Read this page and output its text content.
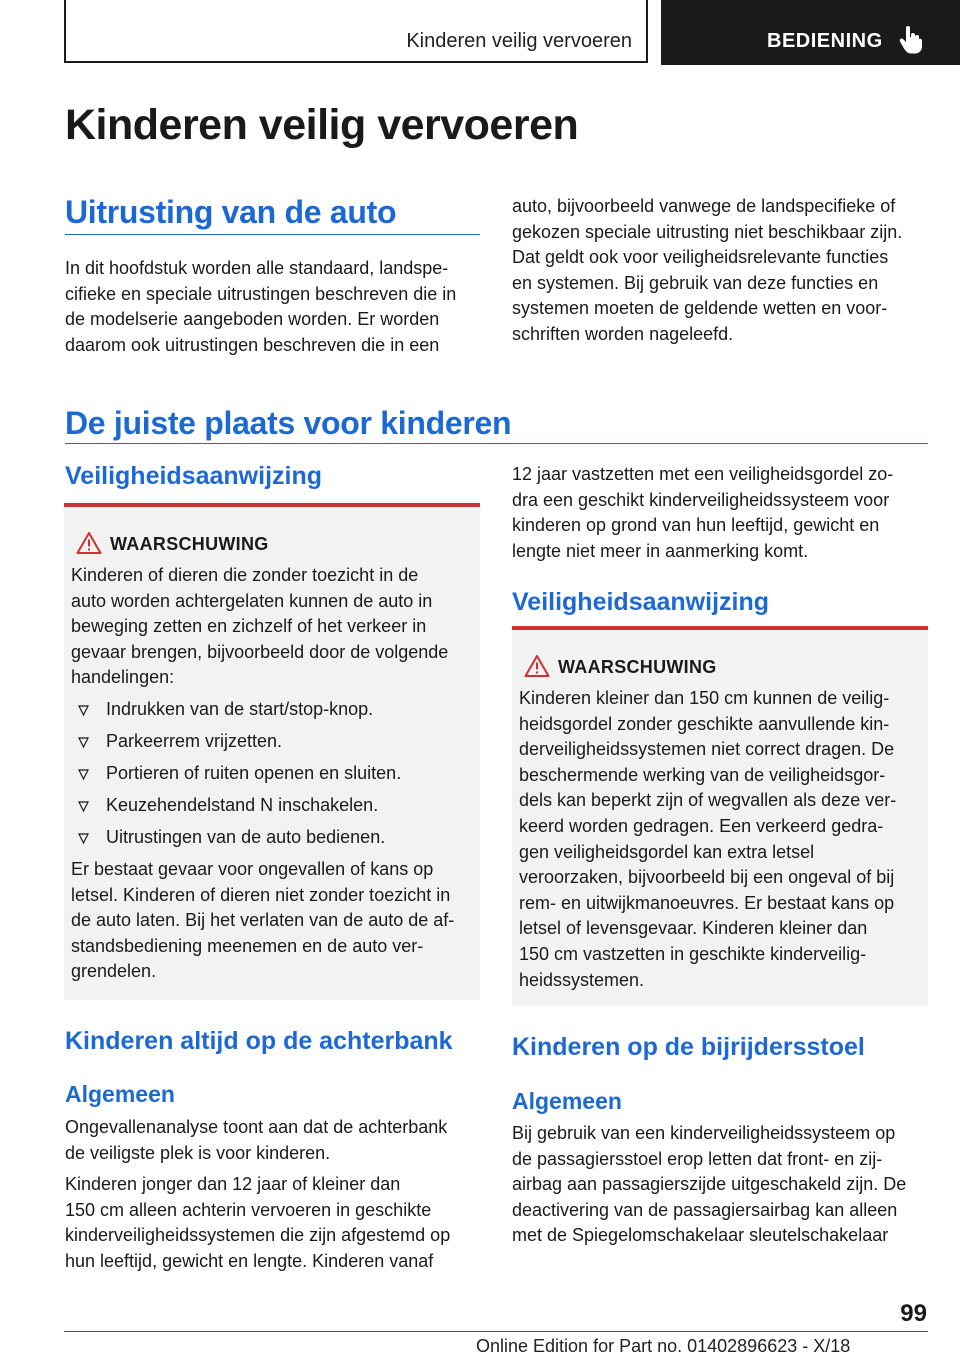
Kinderen veilig vervoeren	BEDIENING
Kinderen veilig vervoeren
Uitrusting van de auto

In dit hoofdstuk worden alle standaard, landspe-
cifieke en speciale uitrustingen beschreven die in
de modelserie aangeboden worden. Er worden
daarom ook uitrustingen beschreven die in een

auto, bijvoorbeeld vanwege de landspecifieke of
gekozen speciale uitrusting niet beschikbaar zijn.
Dat geldt ook voor veiligheidsrelevante functies
en systemen. Bij gebruik van deze functies en
systemen moeten de geldende wetten en voor-
schriften worden nageleefd.

De juiste plaats voor kinderen
Veiligheidsaanwijzing
WAARSCHUWING

Kinderen of dieren die zonder toezicht in de
auto worden achtergelaten kunnen de auto in
beweging zetten en zichzelf of het verkeer in
gevaar brengen, bijvoorbeeld door de volgende
handelingen:

Indrukken van de start/stop-knop.
Parkeerrem vrijzetten.
Portieren of ruiten openen en sluiten.
Keuzehendelstand N inschakelen.
Uitrustingen van de auto bedienen.

Er bestaat gevaar voor ongevallen of kans op
letsel. Kinderen of dieren niet zonder toezicht in
de auto laten. Bij het verlaten van de auto de af-
standsbediening meenemen en de auto ver-
grendelen.

Kinderen altijd op de achterbank
Algemeen

Ongevallenanalyse toont aan dat de achterbank
de veiligste plek is voor kinderen.

Kinderen jonger dan 12 jaar of kleiner dan
150 cm alleen achterin vervoeren in geschikte
kinderveiligheidssystemen die zijn afgestemd op
hun leeftijd, gewicht en lengte. Kinderen vanaf

12 jaar vastzetten met een veiligheidsgordel zo-
dra een geschikt kinderveiligheidssysteem voor
kinderen op grond van hun leeftijd, gewicht en
lengte niet meer in aanmerking komt.

Veiligheidsaanwijzing
WAARSCHUWING

Kinderen kleiner dan 150 cm kunnen de veilig-
heidsgordel zonder geschikte aanvullende kin-
derveiligheidssystemen niet correct dragen. De
beschermende werking van de veiligheidsgor-
dels kan beperkt zijn of wegvallen als deze ver-
keerd worden gedragen. Een verkeerd gedra-
gen veiligheidsgordel kan extra letsel
veroorzaken, bijvoorbeeld bij een ongeval of bij
rem- en uitwijkmanoeuvres. Er bestaat kans op
letsel of levensgevaar. Kinderen kleiner dan
150 cm vastzetten in geschikte kinderveilig-
heidssystemen.

Kinderen op de bijrijdersstoel
Algemeen

Bij gebruik van een kinderveiligheidssysteem op
de passagiersstoel erop letten dat front- en zij-
airbag aan passagierszijde uitgeschakeld zijn. De
deactivering van de passagiersairbag kan alleen
met de Spiegelomschakelaar sleutelschakelaar

99
Online Edition for Part no. 01402896623 - X/18
